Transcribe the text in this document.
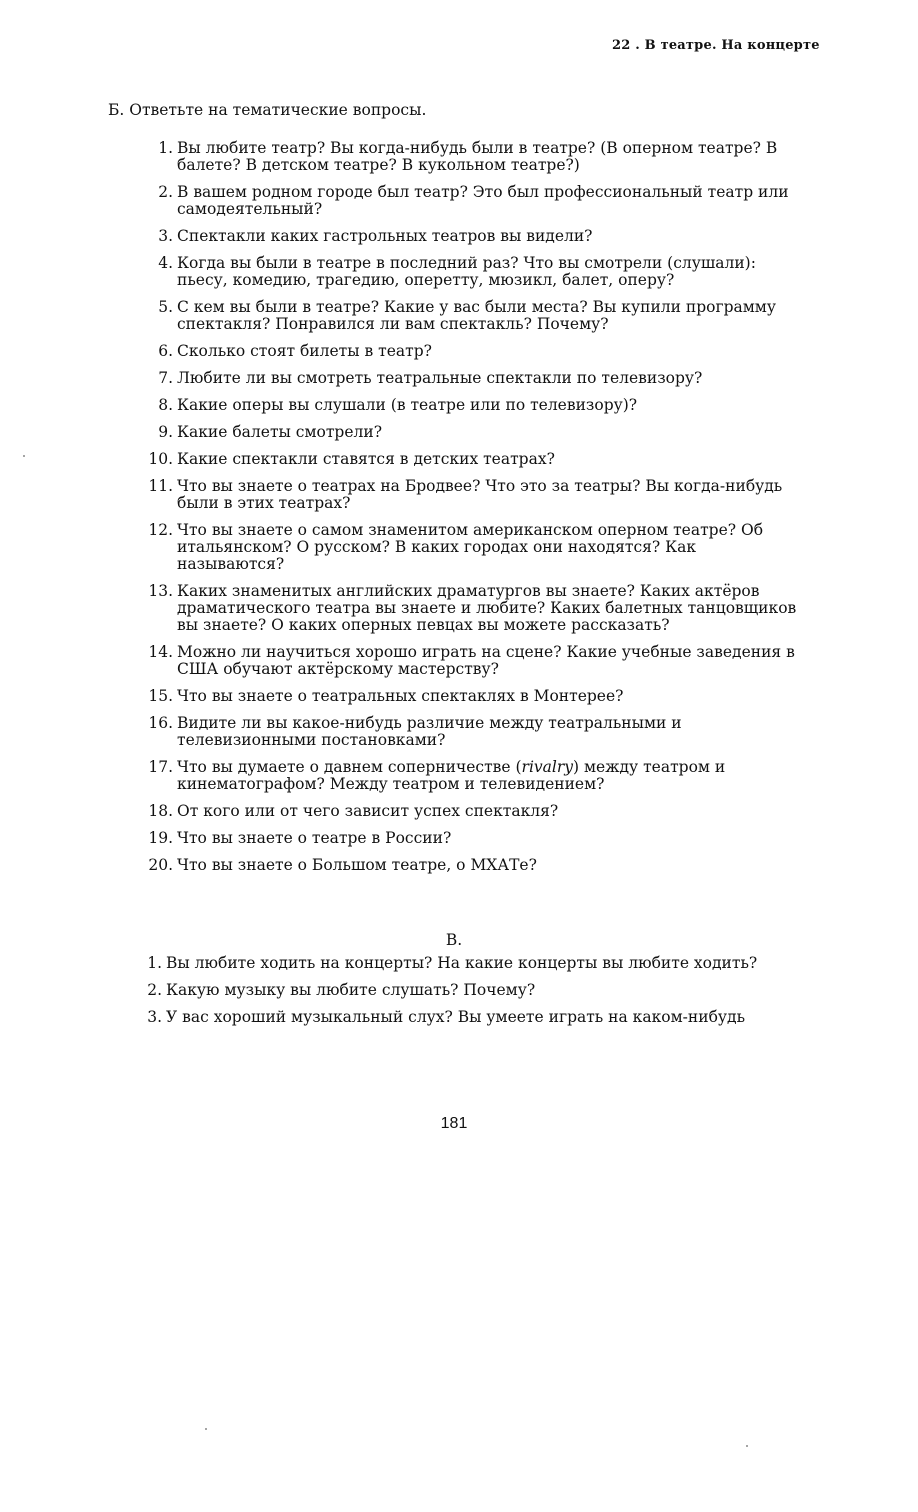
22 . В театре. На концерте
Б. Ответьте на тематические вопросы.
1. Вы любите театр? Вы когда-нибудь были в театре? (В оперном театре? В балете? В детском театре? В кукольном театре?)
2. В вашем родном городе был театр? Это был профессиональный театр или самодеятельный?
3. Спектакли каких гастрольных театров вы видели?
4. Когда вы были в театре в последний раз? Что вы смотрели (слушали): пьесу, комедию, трагедию, оперетту, мюзикл, балет, оперу?
5. С кем вы были в театре? Какие у вас были места? Вы купили программу спектакля? Понравился ли вам спектакль? Почему?
6. Сколько стоят билеты в театр?
7. Любите ли вы смотреть театральные спектакли по телевизору?
8. Какие оперы вы слушали (в театре или по телевизору)?
9. Какие балеты смотрели?
10. Какие спектакли ставятся в детских театрах?
11. Что вы знаете о театрах на Бродвее? Что это за театры? Вы когда-нибудь были в этих театрах?
12. Что вы знаете о самом знаменитом американском оперном театре? Об итальянском? О русском? В каких городах они находятся? Как называются?
13. Каких знаменитых английских драматургов вы знаете? Каких актёров драматического театра вы знаете и любите? Каких балетных танцовщиков вы знаете? О каких оперных певцах вы можете рассказать?
14. Можно ли научиться хорошо играть на сцене? Какие учебные заведения в США обучают актёрскому мастерству?
15. Что вы знаете о театральных спектаклях в Монтерее?
16. Видите ли вы какое-нибудь различие между театральными и телевизионными постановками?
17. Что вы думаете о давнем соперничестве (rivalry) между театром и кинематографом? Между театром и телевидением?
18. От кого или от чего зависит успех спектакля?
19. Что вы знаете о театре в России?
20. Что вы знаете о Большом театре, о МХАТе?
В.
1. Вы любите ходить на концерты? На какие концерты вы любите ходить?
2. Какую музыку вы любите слушать? Почему?
3. У вас хороший музыкальный слух? Вы умеете играть на каком-нибудь
181
